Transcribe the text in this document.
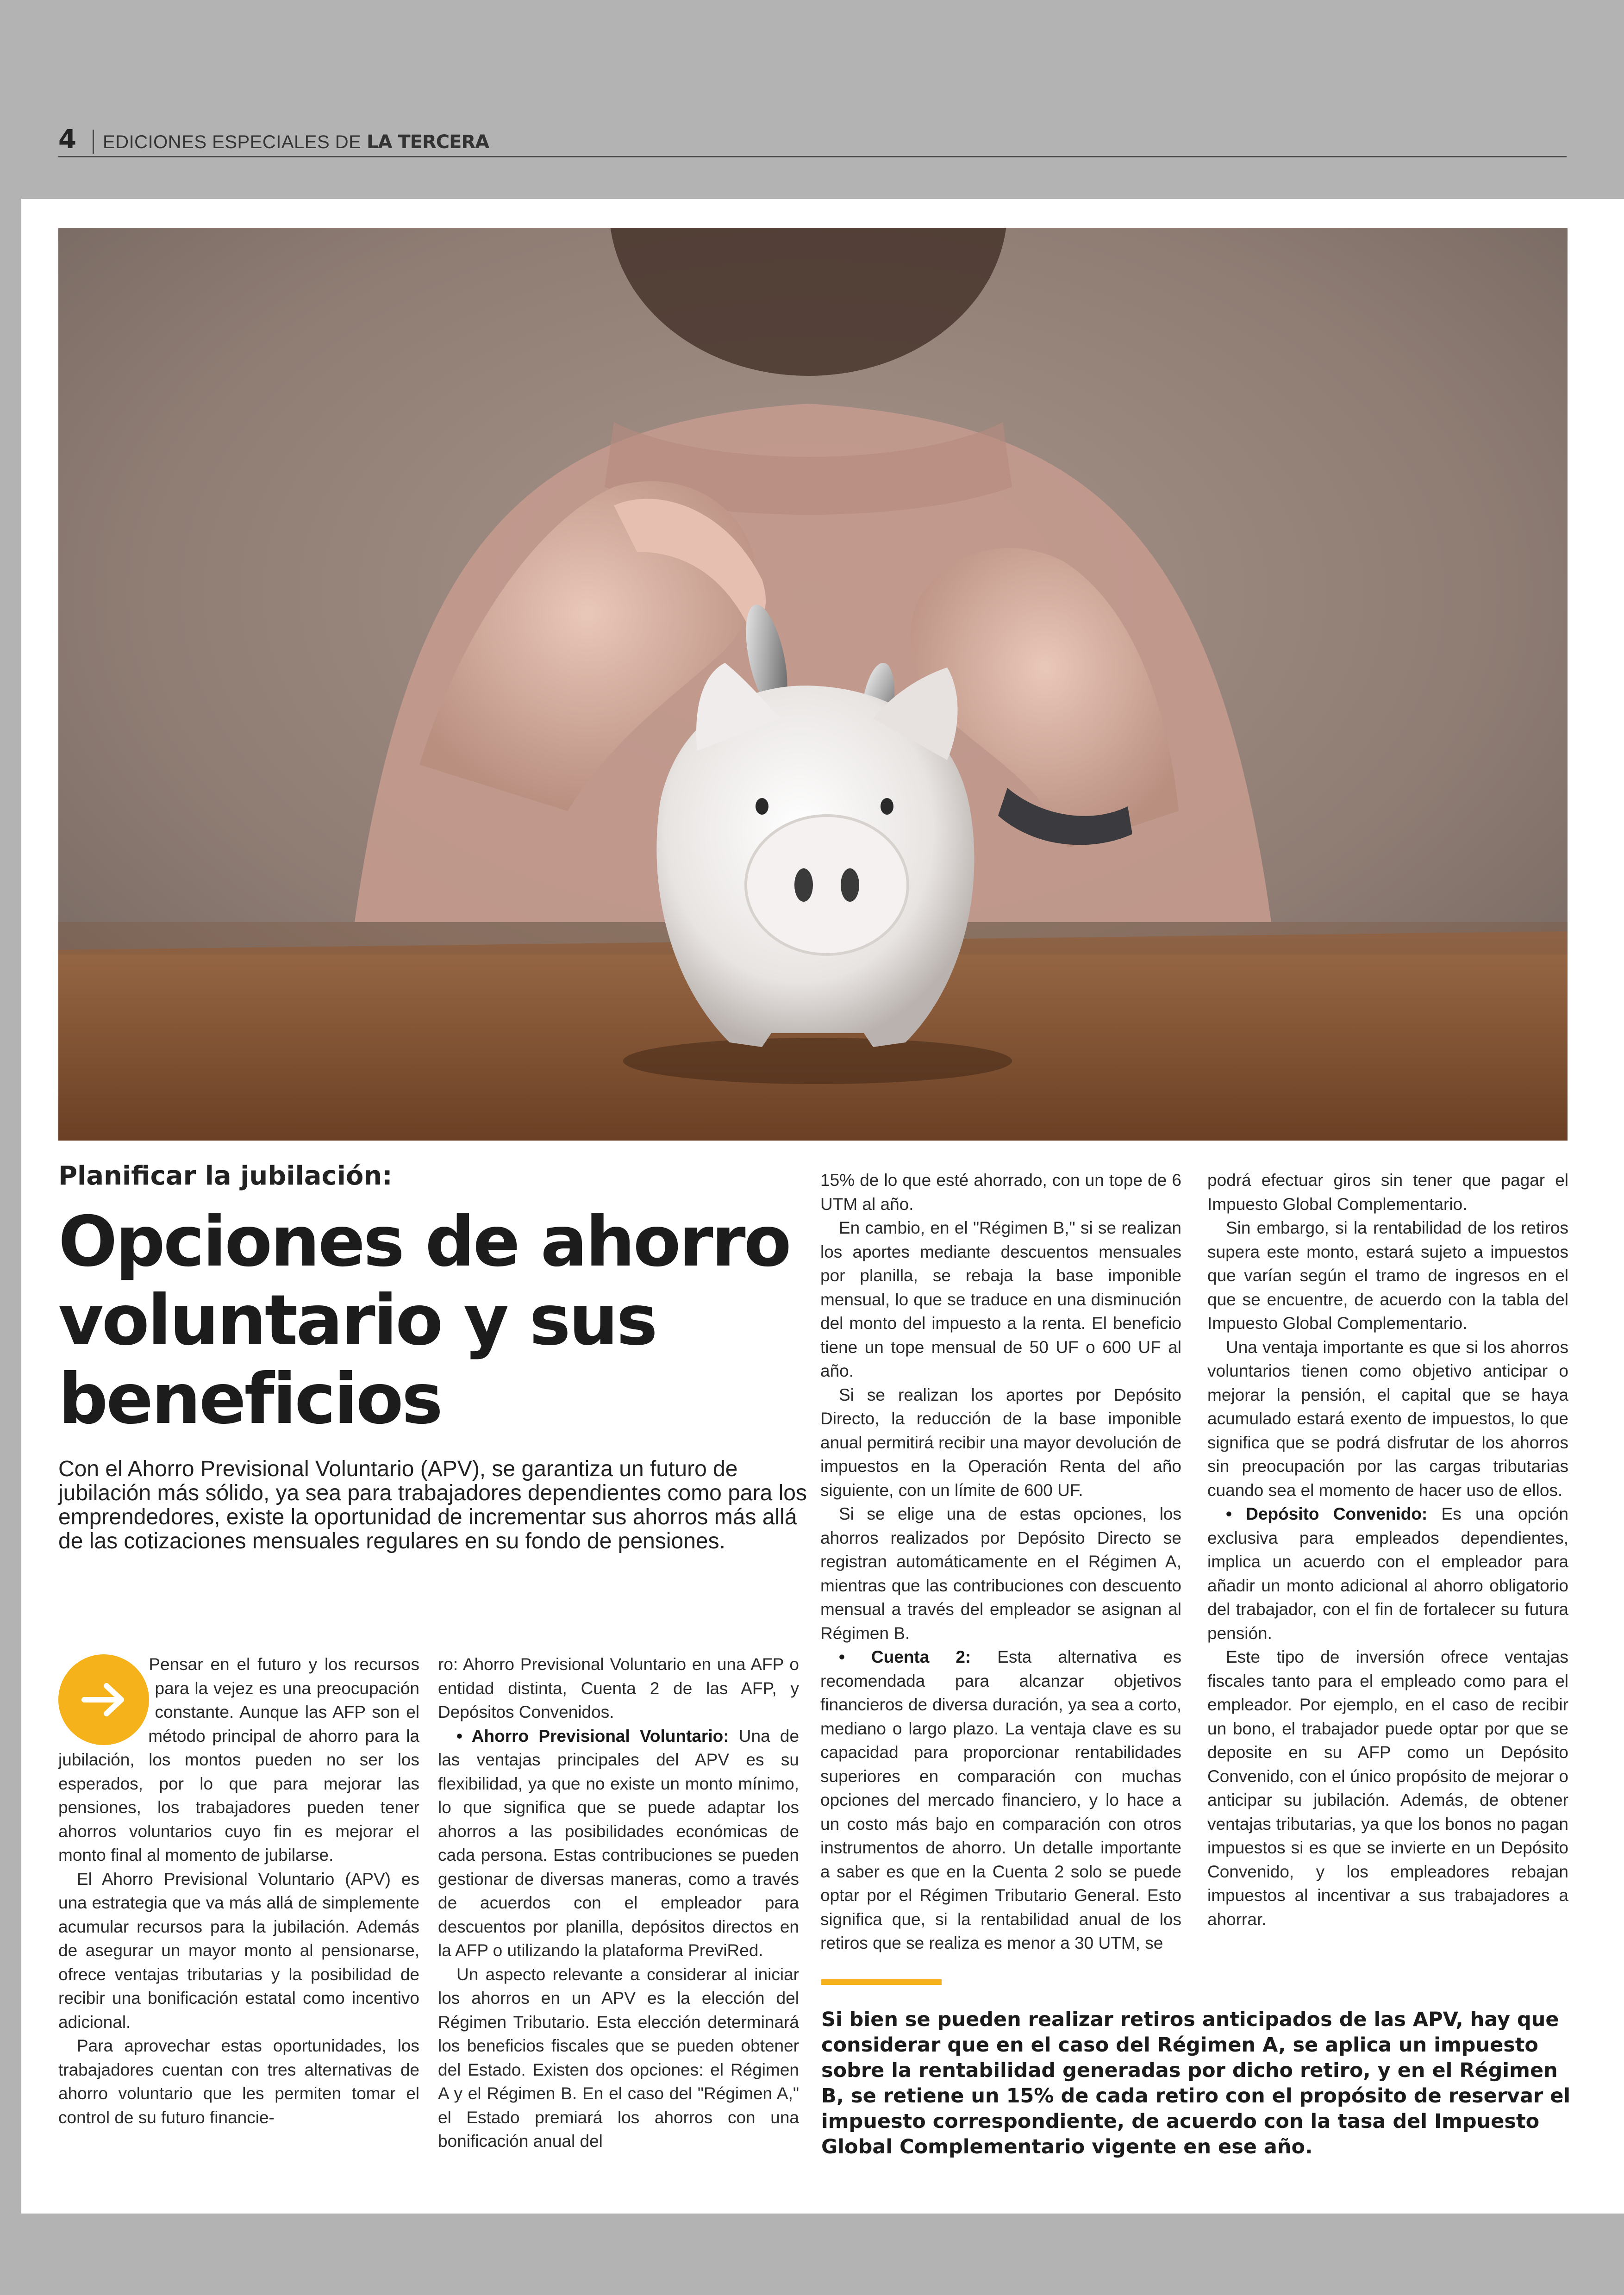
4 EDICIONES ESPECIALES DE LA TERCERA
Planificar la jubilación:
Opciones de ahorro voluntario y sus beneficios

Con el Ahorro Previsional Voluntario (APV), se garantiza un futuro de jubilación más sólido, ya sea para trabajadores dependientes como para los emprendedores, existe la oportunidad de incrementar sus ahorros más allá de las cotizaciones mensuales regulares en su fondo de pensiones.

Pensar en el futuro y los recursos para la vejez es una preocupación constante. Aunque las AFP son el método principal de ahorro para la jubilación, los montos pueden no ser los esperados, por lo que para mejorar las pensiones, los trabajadores pueden tener ahorros voluntarios cuyo fin es mejorar el monto final al momento de jubilarse.

El Ahorro Previsional Voluntario (APV) es una estrategia que va más allá de simplemente acumular recursos para la jubilación. Además de asegurar un mayor monto al pensionarse, ofrece ventajas tributarias y la posibilidad de recibir una bonificación estatal como incentivo adicional.

Para aprovechar estas oportunidades, los trabajadores cuentan con tres alternativas de ahorro voluntario que les permiten tomar el control de su futuro financie-

ro: Ahorro Previsional Voluntario en una AFP o entidad distinta, Cuenta 2 de las AFP, y Depósitos Convenidos.

• Ahorro Previsional Voluntario: Una de las ventajas principales del APV es su flexibilidad, ya que no existe un monto mínimo, lo que significa que se puede adaptar los ahorros a las posibilidades económicas de cada persona. Estas contribuciones se pueden gestionar de diversas maneras, como a través de acuerdos con el empleador para descuentos por planilla, depósitos directos en la AFP o utilizando la plataforma PreviRed.

Un aspecto relevante a considerar al iniciar los ahorros en un APV es la elección del Régimen Tributario. Esta elección determinará los beneficios fiscales que se pueden obtener del Estado. Existen dos opciones: el Régimen A y el Régimen B. En el caso del "Régimen A," el Estado premiará los ahorros con una bonificación anual del

15% de lo que esté ahorrado, con un tope de 6 UTM al año.

En cambio, en el "Régimen B," si se realizan los aportes mediante descuentos mensuales por planilla, se rebaja la base imponible mensual, lo que se traduce en una disminución del monto del impuesto a la renta. El beneficio tiene un tope mensual de 50 UF o 600 UF al año.

Si se realizan los aportes por Depósito Directo, la reducción de la base imponible anual permitirá recibir una mayor devolución de impuestos en la Operación Renta del año siguiente, con un límite de 600 UF.

Si se elige una de estas opciones, los ahorros realizados por Depósito Directo se registran automáticamente en el Régimen A, mientras que las contribuciones con descuento mensual a través del empleador se asignan al Régimen B.

• Cuenta 2: Esta alternativa es recomendada para alcanzar objetivos financieros de diversa duración, ya sea a corto, mediano o largo plazo. La ventaja clave es su capacidad para proporcionar rentabilidades superiores en comparación con muchas opciones del mercado financiero, y lo hace a un costo más bajo en comparación con otros instrumentos de ahorro. Un detalle importante a saber es que en la Cuenta 2 solo se puede optar por el Régimen Tributario General. Esto significa que, si la rentabilidad anual de los retiros que se realiza es menor a 30 UTM, se

podrá efectuar giros sin tener que pagar el Impuesto Global Complementario.

Sin embargo, si la rentabilidad de los retiros supera este monto, estará sujeto a impuestos que varían según el tramo de ingresos en el que se encuentre, de acuerdo con la tabla del Impuesto Global Complementario.

Una ventaja importante es que si los ahorros voluntarios tienen como objetivo anticipar o mejorar la pensión, el capital que se haya acumulado estará exento de impuestos, lo que significa que se podrá disfrutar de los ahorros sin preocupación por las cargas tributarias cuando sea el momento de hacer uso de ellos.

• Depósito Convenido: Es una opción exclusiva para empleados dependientes, implica un acuerdo con el empleador para añadir un monto adicional al ahorro obligatorio del trabajador, con el fin de fortalecer su futura pensión.

Este tipo de inversión ofrece ventajas fiscales tanto para el empleado como para el empleador. Por ejemplo, en el caso de recibir un bono, el trabajador puede optar por que se deposite en su AFP como un Depósito Convenido, con el único propósito de mejorar o anticipar su jubilación. Además, de obtener ventajas tributarias, ya que los bonos no pagan impuestos si es que se invierte en un Depósito Convenido, y los empleadores rebajan impuestos al incentivar a sus trabajadores a ahorrar.

Si bien se pueden realizar retiros anticipados de las APV, hay que considerar que en el caso del Régimen A, se aplica un impuesto sobre la rentabilidad generadas por dicho retiro, y en el Régimen B, se retiene un 15% de cada retiro con el propósito de reservar el impuesto correspondiente, de acuerdo con la tasa del Impuesto Global Complementario vigente en ese año.
